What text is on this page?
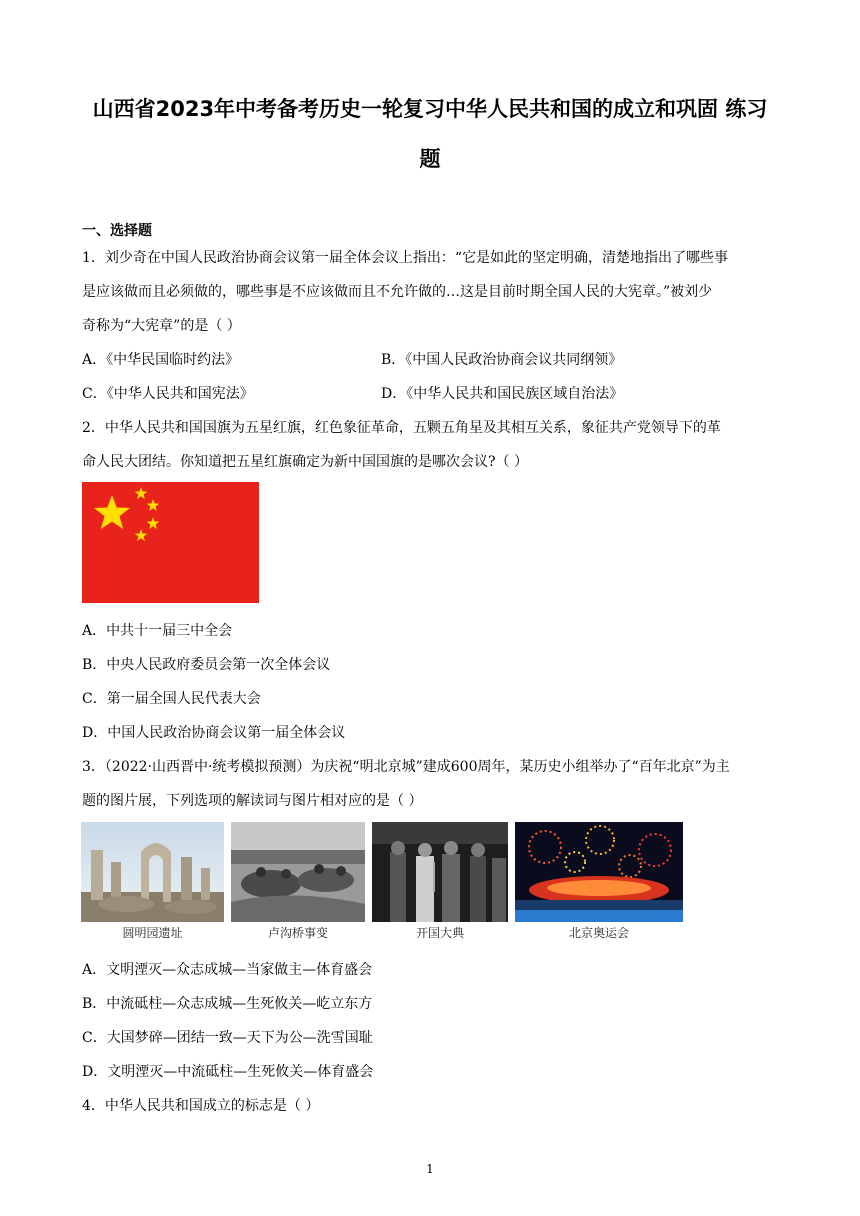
山西省2023年中考备考历史一轮复习中华人民共和国的成立和巩固 练习
题
一、选择题
1．刘少奇在中国人民政治协商会议第一届全体会议上指出：“它是如此的坚定明确，清楚地指出了哪些事
是应该做而且必须做的，哪些事是不应该做而且不允许做的…这是目前时期全国人民的大宪章。”被刘少
奇称为“大宪章”的是（ ）
A．《中华民国临时约法》	B．《中国人民政治协商会议共同纲领》
C．《中华人民共和国宪法》	D．《中华人民共和国民族区域自治法》
2．中华人民共和国国旗为五星红旗，红色象征革命，五颗五角星及其相互关系，象征共产党领导下的革
命人民大团结。你知道把五星红旗确定为新中国国旗的是哪次会议?（ ）
A．中共十一届三中全会
B．中央人民政府委员会第一次全体会议
C．第一届全国人民代表大会
D．中国人民政治协商会议第一届全体会议
3．（2022·山西晋中·统考模拟预测）为庆祝“明北京城”建成600周年，某历史小组举办了“百年北京”为主
题的图片展，下列选项的解读词与图片相对应的是（ ）
圆明园遗址	卢沟桥事变	开国大典	北京奥运会
A．文明湮灭—众志成城—当家做主—体育盛会
B．中流砥柱—众志成城—生死攸关—屹立东方
C．大国梦碎—团结一致—天下为公—洗雪国耻
D．文明湮灭—中流砥柱—生死攸关—体育盛会
4．中华人民共和国成立的标志是（ ）
1
